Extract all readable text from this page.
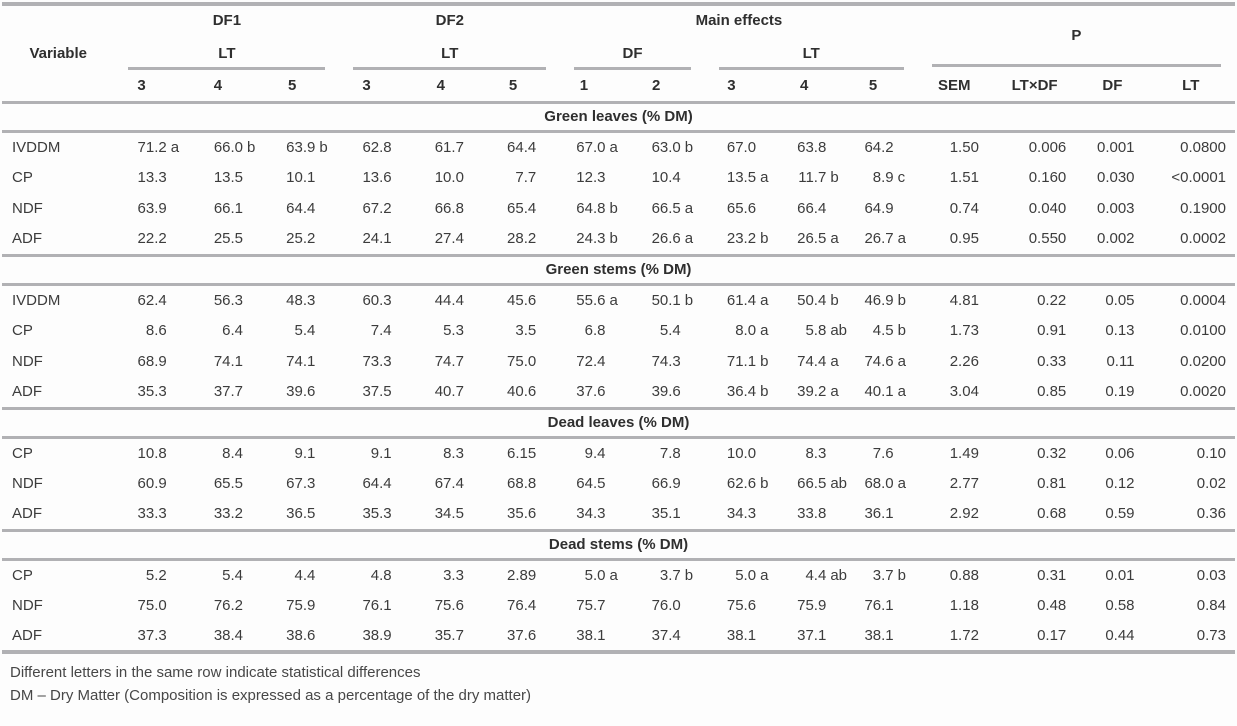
Variable	DF1			DF2			Main effects					P			

	LT			LT			DF		LT						

	3	4	5	3	4	5	1	2	3	4	5	SEM	LT×DF	DF	LT
Green leaves (% DM)															
IVDDM	71.2 a	66.0 b	63.9 b	62.8	61.7	64.4	67.0 a	63.0 b	67.0	63.8	64.2	1.50	0.006	0.001	0.0800
CP	13.3	13.5	10.1	13.6	10.0	7.7	12.3	10.4	13.5 a	11.7 b	8.9 c	1.51	0.160	0.030	<0.0001
NDF	63.9	66.1	64.4	67.2	66.8	65.4	64.8 b	66.5 a	65.6	66.4	64.9	0.74	0.040	0.003	0.1900
ADF	22.2	25.5	25.2	24.1	27.4	28.2	24.3 b	26.6 a	23.2 b	26.5 a	26.7 a	0.95	0.550	0.002	0.0002
Green stems (% DM)															
IVDDM	62.4	56.3	48.3	60.3	44.4	45.6	55.6 a	50.1 b	61.4 a	50.4 b	46.9 b	4.81	0.22	0.05	0.0004
CP	8.6	6.4	5.4	7.4	5.3	3.5	6.8	5.4	8.0 a	5.8 ab	4.5 b	1.73	0.91	0.13	0.0100
NDF	68.9	74.1	74.1	73.3	74.7	75.0	72.4	74.3	71.1 b	74.4 a	74.6 a	2.26	0.33	0.11	0.0200
ADF	35.3	37.7	39.6	37.5	40.7	40.6	37.6	39.6	36.4 b	39.2 a	40.1 a	3.04	0.85	0.19	0.0020
Dead leaves (% DM)															
CP	10.8	8.4	9.1	9.1	8.3	6.15	9.4	7.8	10.0	8.3	7.6	1.49	0.32	0.06	0.10
NDF	60.9	65.5	67.3	64.4	67.4	68.8	64.5	66.9	62.6 b	66.5 ab	68.0 a	2.77	0.81	0.12	0.02
ADF	33.3	33.2	36.5	35.3	34.5	35.6	34.3	35.1	34.3	33.8	36.1	2.92	0.68	0.59	0.36
Dead stems (% DM)															
CP	5.2	5.4	4.4	4.8	3.3	2.89	5.0 a	3.7 b	5.0 a	4.4 ab	3.7 b	0.88	0.31	0.01	0.03
NDF	75.0	76.2	75.9	76.1	75.6	76.4	75.7	76.0	75.6	75.9	76.1	1.18	0.48	0.58	0.84
ADF	37.3	38.4	38.6	38.9	35.7	37.6	38.1	37.4	38.1	37.1	38.1	1.72	0.17	0.44	0.73
Different letters in the same row indicate statistical differences
DM – Dry Matter (Composition is expressed as a percentage of the dry matter)
